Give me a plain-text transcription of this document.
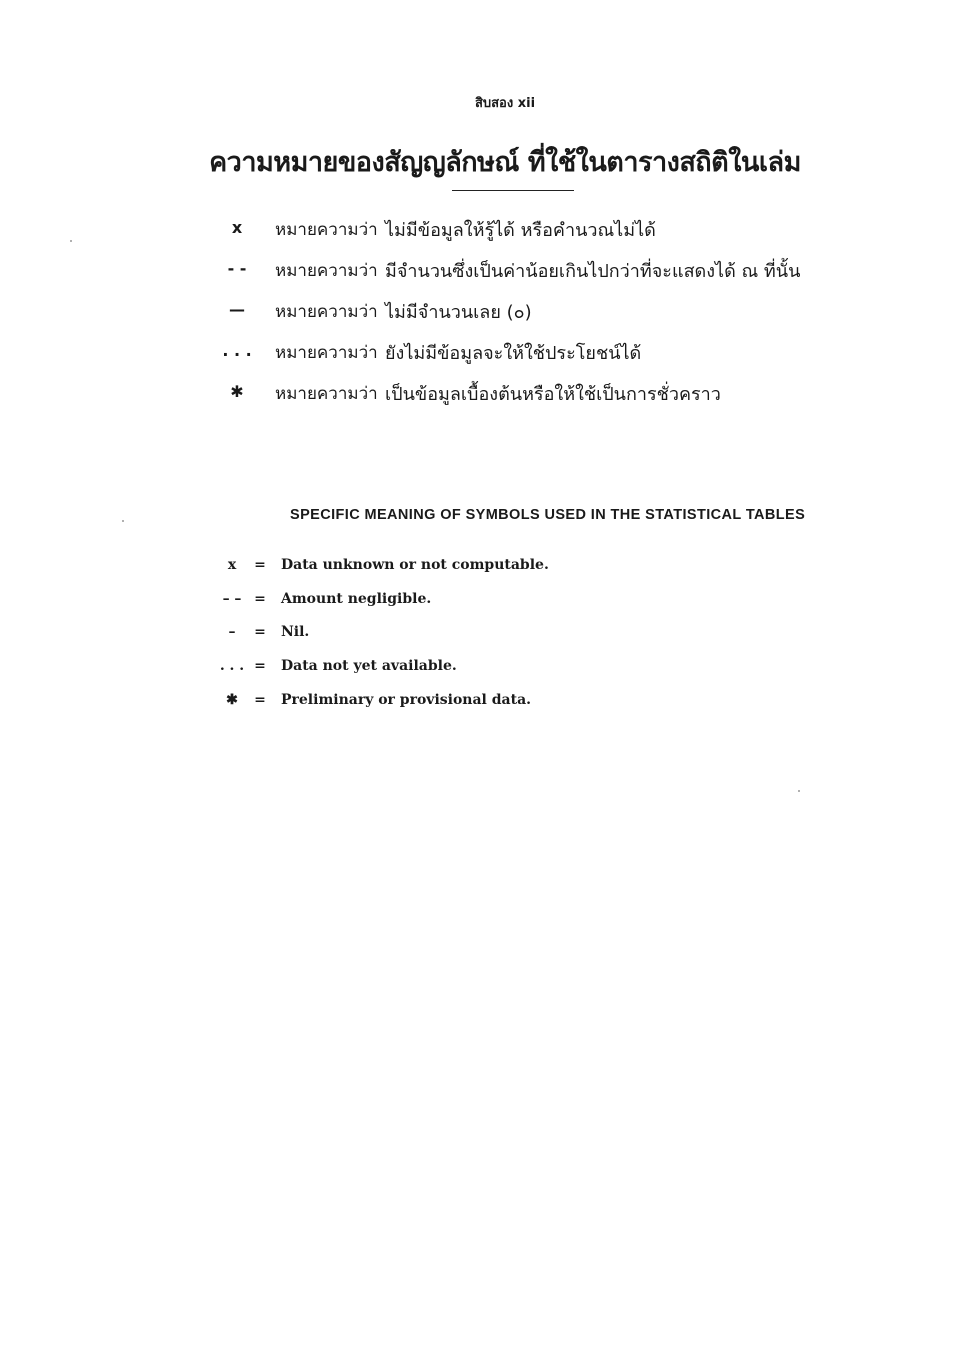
สิบสอง xii
ความหมายของสัญญลักษณ์ ที่ใช้ในตารางสถิติในเล่ม
x	หมายความว่า ไม่มีข้อมูลให้รู้ได้ หรือคำนวณไม่ได้
- -	หมายความว่า มีจำนวนซึ่งเป็นค่าน้อยเกินไปกว่าที่จะแสดงได้ ณ ที่นั้น
—	หมายความว่า ไม่มีจำนวนเลย (๐)
. . .	หมายความว่า ยังไม่มีข้อมูลจะให้ใช้ประโยชน์ได้
✱	หมายความว่า เป็นข้อมูลเบื้องต้นหรือให้ใช้เป็นการชั่วคราว
SPECIFIC MEANING OF SYMBOLS USED IN THE STATISTICAL TABLES
x	= Data unknown or not computable.
– – = Amount negligible.
–	= Nil.
. . . = Data not yet available.
✱	= Preliminary or provisional data.
